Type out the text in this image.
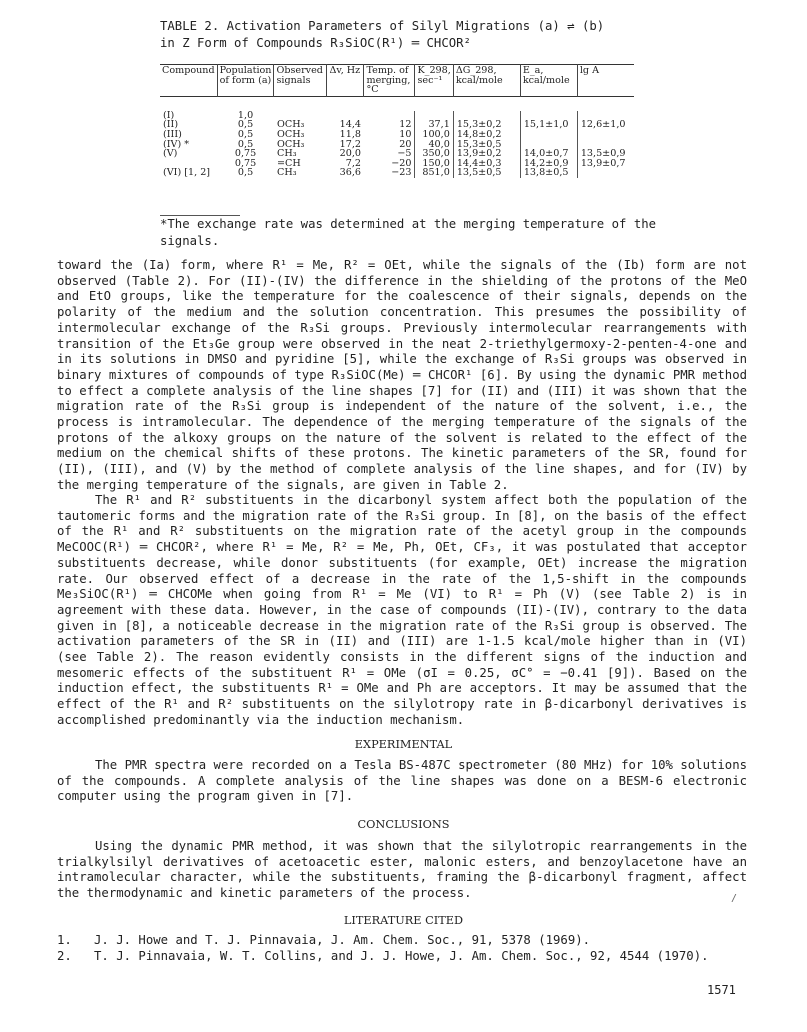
TABLE 2. Activation Parameters of Silyl Migrations (a) ⇌ (b)
in Z Form of Compounds R₃SiOC(R¹) ═ CHCOR²
Compound	Population of form (a)	Observed signals	Δv, Hz	Temp. of merging, °C	K_298, sec⁻¹	ΔG_298, kcal/mole	E_a, kcal/mole	lg A

(I)	1,0							
(II)	0,5	OCH₃	14,4	12	37,1	15,3±0,2	15,1±1,0	12,6±1,0
(III)	0,5	OCH₃	11,8	10	100,0	14,8±0,2		
(IV) *	0,5	OCH₃	17,2	20	40,0	15,3±0,5		
(V)	0,75	CH₃	20,0	−5	350,0	13,9±0,2	14,0±0,7	13,5±0,9
	0,75	=CH	7,2	−20	150,0	14,4±0,3	14,2±0,9	13,9±0,7
(VI) [1, 2]	0,5	CH₃	36,6	−23	851,0	13,5±0,5	13,8±0,5	
*The exchange rate was determined at the merging temperature of the signals.
toward the (Ia) form, where R¹ = Me, R² = OEt, while the signals of the (Ib) form are not observed (Table 2). For (II)-(IV) the difference in the shielding of the protons of the MeO and EtO groups, like the temperature for the coalescence of their signals, depends on the polarity of the medium and the solution concentration. This presumes the possibility of intermolecular exchange of the R₃Si groups. Previously intermolecular rearrangements with transition of the Et₃Ge group were observed in the neat 2-triethylgermoxy-2-penten-4-one and in its solutions in DMSO and pyridine [5], while the exchange of R₃Si groups was observed in binary mixtures of compounds of type R₃SiOC(Me) ═ CHCOR¹ [6]. By using the dynamic PMR method to effect a complete analysis of the line shapes [7] for (II) and (III) it was shown that the migration rate of the R₃Si group is independent of the nature of the solvent, i.e., the process is intramolecular. The dependence of the merging temperature of the signals of the protons of the alkoxy groups on the nature of the solvent is related to the effect of the medium on the chemical shifts of these protons. The kinetic parameters of the SR, found for (II), (III), and (V) by the method of complete analysis of the line shapes, and for (IV) by the merging temperature of the signals, are given in Table 2.
The R¹ and R² substituents in the dicarbonyl system affect both the population of the tautomeric forms and the migration rate of the R₃Si group. In [8], on the basis of the effect of the R¹ and R² substituents on the migration rate of the acetyl group in the compounds MeCOOC(R¹) ═ CHCOR², where R¹ = Me, R² = Me, Ph, OEt, CF₃, it was postulated that acceptor substituents decrease, while donor substituents (for example, OEt) increase the migration rate. Our observed effect of a decrease in the rate of the 1,5-shift in the compounds Me₃SiOC(R¹) ═ CHCOMe when going from R¹ = Me (VI) to R¹ = Ph (V) (see Table 2) is in agreement with these data. However, in the case of compounds (II)-(IV), contrary to the data given in [8], a noticeable decrease in the migration rate of the R₃Si group is observed. The activation parameters of the SR in (II) and (III) are 1-1.5 kcal/mole higher than in (VI) (see Table 2). The reason evidently consists in the different signs of the induction and mesomeric effects of the substituent R¹ = OMe (σI = 0.25, σC° = −0.41 [9]). Based on the induction effect, the substituents R¹ = OMe and Ph are acceptors. It may be assumed that the effect of the R¹ and R² substituents on the silylotropy rate in β-dicarbonyl derivatives is accomplished predominantly via the induction mechanism.
EXPERIMENTAL
The PMR spectra were recorded on a Tesla BS-487C spectrometer (80 MHz) for 10% solutions of the compounds. A complete analysis of the line shapes was done on a BESM-6 electronic computer using the program given in [7].
CONCLUSIONS
Using the dynamic PMR method, it was shown that the silylotropic rearrangements in the trialkylsilyl derivatives of acetoacetic ester, malonic esters, and benzoylacetone have an intramolecular character, while the substituents, framing the β-dicarbonyl fragment, affect the thermodynamic and kinetic parameters of the process.
LITERATURE CITED
1.   J. J. Howe and T. J. Pinnavaia, J. Am. Chem. Soc., 91, 5378 (1969).
2.   T. J. Pinnavaia, W. T. Collins, and J. J. Howe, J. Am. Chem. Soc., 92, 4544 (1970).
/
1571
